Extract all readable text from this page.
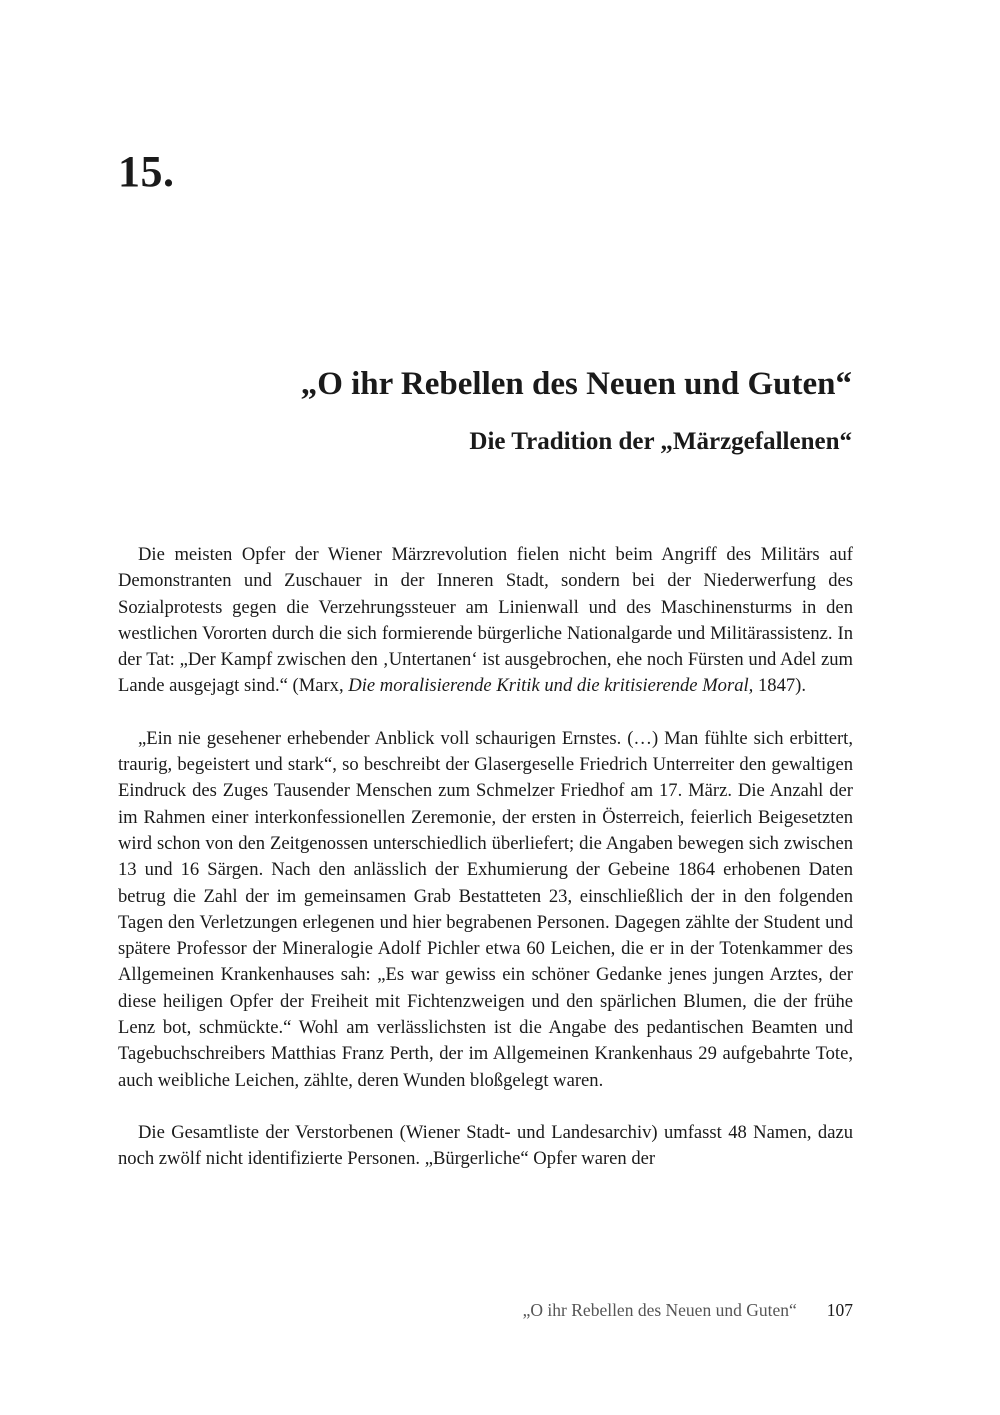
15.
„O ihr Rebellen des Neuen und Guten“
Die Tradition der „Märzgefallenen“

Die meisten Opfer der Wiener Märzrevolution fielen nicht beim Angriff des Militärs auf Demonstranten und Zuschauer in der Inneren Stadt, sondern bei der Niederwerfung des Sozialprotests gegen die Verzehrungssteuer am Linienwall und des Maschinensturms in den westlichen Vororten durch die sich formierende bürgerliche Nationalgarde und Militärassistenz. In der Tat: „Der Kampf zwischen den ‚Untertanen‘ ist ausgebrochen, ehe noch Fürsten und Adel zum Lande ausgejagt sind.“ (Marx, Die moralisierende Kritik und die kritisierende Moral, 1847).

„Ein nie gesehener erhebender Anblick voll schaurigen Ernstes. (…) Man fühlte sich erbittert, traurig, begeistert und stark“, so beschreibt der Glasergeselle Friedrich Unterreiter den gewaltigen Eindruck des Zuges Tausender Menschen zum Schmelzer Friedhof am 17. März. Die Anzahl der im Rahmen einer interkonfessionellen Zeremonie, der ersten in Österreich, feierlich Beigesetzten wird schon von den Zeitgenossen unterschiedlich überliefert; die Angaben bewegen sich zwischen 13 und 16 Särgen. Nach den anlässlich der Exhumierung der Gebeine 1864 erhobenen Daten betrug die Zahl der im gemeinsamen Grab Bestatteten 23, einschließlich der in den folgenden Tagen den Verletzungen erlegenen und hier begrabenen Personen. Dagegen zählte der Student und spätere Professor der Mineralogie Adolf Pichler etwa 60 Leichen, die er in der Totenkammer des Allgemeinen Krankenhauses sah: „Es war gewiss ein schöner Gedanke jenes jungen Arztes, der diese heiligen Opfer der Freiheit mit Fichtenzweigen und den spärlichen Blumen, die der frühe Lenz bot, schmückte.“ Wohl am verlässlichsten ist die Angabe des pedantischen Beamten und Tagebuchschreibers Matthias Franz Perth, der im Allgemeinen Krankenhaus 29 aufgebahrte Tote, auch weibliche Leichen, zählte, deren Wunden bloßgelegt waren.

Die Gesamtliste der Verstorbenen (Wiener Stadt- und Landesarchiv) umfasst 48 Namen, dazu noch zwölf nicht identifizierte Personen. „Bürgerliche“ Opfer waren der

„O ihr Rebellen des Neuen und Guten“ 107
